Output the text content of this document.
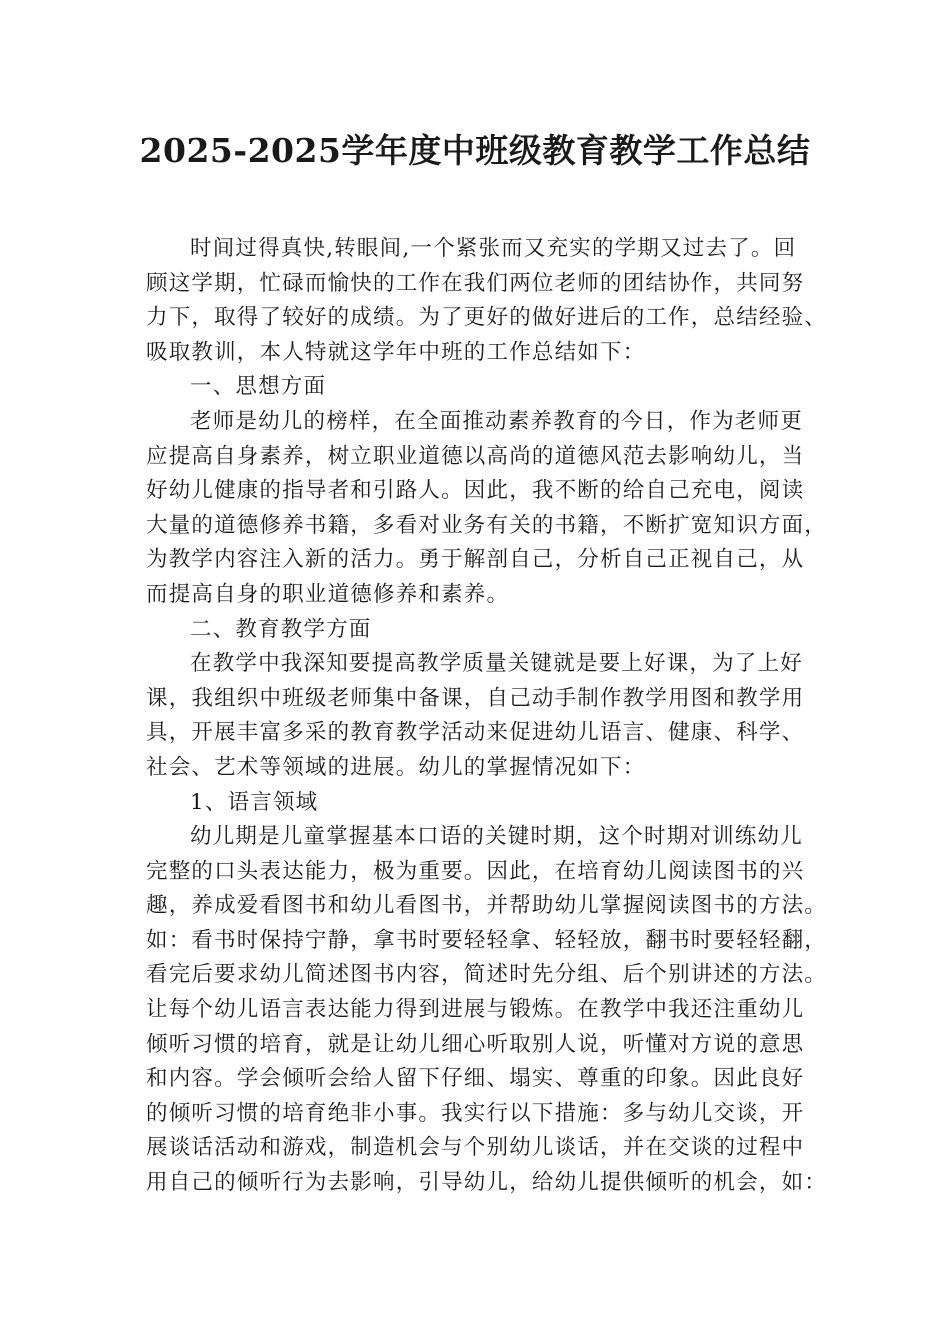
2025-2025学年度中班级教育教学工作总结
时间过得真快,转眼间,一个紧张而又充实的学期又过去了。回
顾这学期，忙碌而愉快的工作在我们两位老师的团结协作，共同努
力下，取得了较好的成绩。为了更好的做好进后的工作，总结经验、
吸取教训，本人特就这学年中班的工作总结如下：
一、思想方面
老师是幼儿的榜样，在全面推动素养教育的今日，作为老师更
应提高自身素养，树立职业道德以高尚的道德风范去影响幼儿，当
好幼儿健康的指导者和引路人。因此，我不断的给自己充电，阅读
大量的道德修养书籍，多看对业务有关的书籍，不断扩宽知识方面，
为教学内容注入新的活力。勇于解剖自己，分析自己正视自己，从
而提高自身的职业道德修养和素养。
二、教育教学方面
在教学中我深知要提高教学质量关键就是要上好课，为了上好
课，我组织中班级老师集中备课，自己动手制作教学用图和教学用
具，开展丰富多采的教育教学活动来促进幼儿语言、健康、科学、
社会、艺术等领域的进展。幼儿的掌握情况如下：
1、语言领域
幼儿期是儿童掌握基本口语的关键时期，这个时期对训练幼儿
完整的口头表达能力，极为重要。因此，在培育幼儿阅读图书的兴
趣，养成爱看图书和幼儿看图书，并帮助幼儿掌握阅读图书的方法。
如：看书时保持宁静，拿书时要轻轻拿、轻轻放，翻书时要轻轻翻，
看完后要求幼儿简述图书内容，简述时先分组、后个别讲述的方法。
让每个幼儿语言表达能力得到进展与锻炼。在教学中我还注重幼儿
倾听习惯的培育，就是让幼儿细心听取别人说，听懂对方说的意思
和内容。学会倾听会给人留下仔细、塌实、尊重的印象。因此良好
的倾听习惯的培育绝非小事。我实行以下措施：多与幼儿交谈，开
展谈话活动和游戏，制造机会与个别幼儿谈话，并在交谈的过程中
用自己的倾听行为去影响，引导幼儿，给幼儿提供倾听的机会，如：
